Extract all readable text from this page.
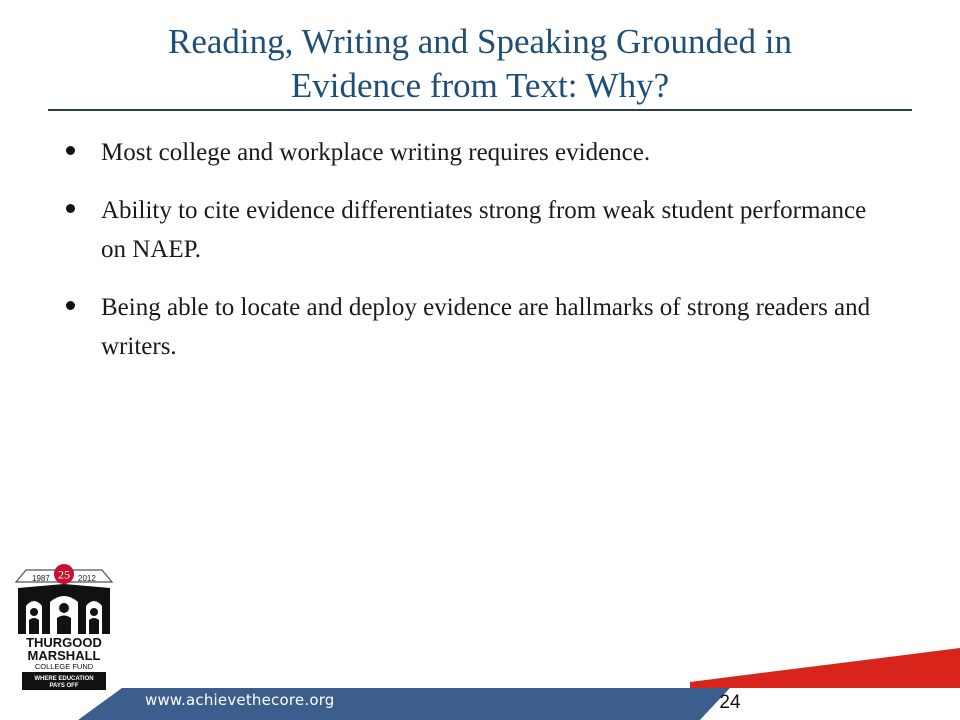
Reading, Writing and Speaking Grounded in
Evidence from Text: Why?
Most college and workplace writing requires evidence.
Ability to cite evidence differentiates strong from weak student performance on NAEP.
Being able to locate and deploy evidence are hallmarks of strong readers and writers.
1987	2012
25
THURGOOD
MARSHALL
COLLEGE FUND
WHERE EDUCATION
PAYS OFF
www.achievethecore.org	24
